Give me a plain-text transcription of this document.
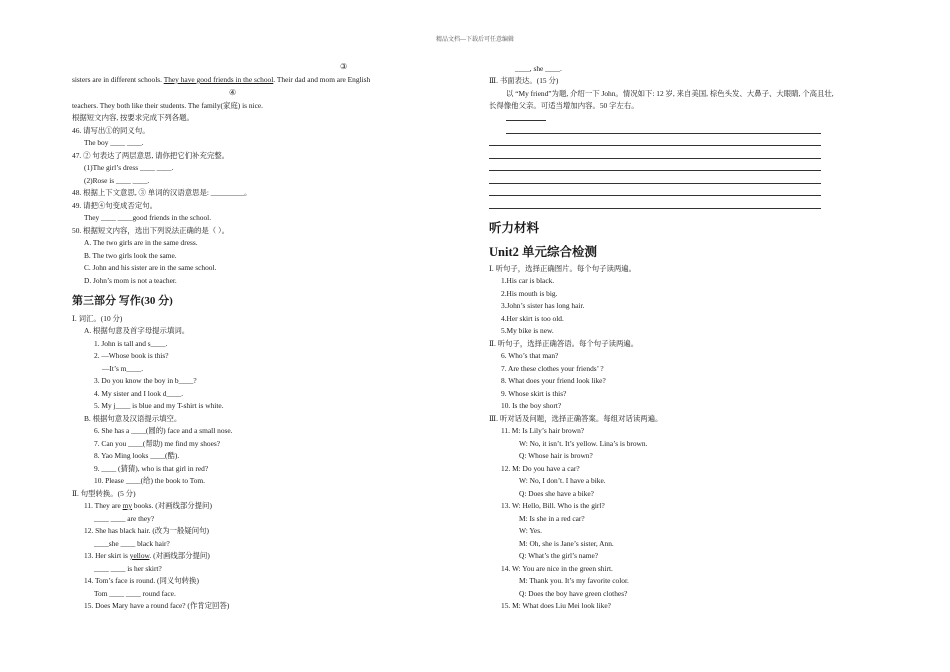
精品文档---下载后可任意编辑
③
sisters are in different schools. They have good friends in the school. Their dad and mom are English
④
teachers. They both like their students. The family(家庭) is nice.
根据短文内容, 按要求完成下列各题。
46. 请写出①的同义句。
The boy ____ ____.
47. ② 句表达了两层意思, 请你把它们补充完整。
(1)The girl’s dress ____ ____.
(2)Rose is ____ ____.
48. 根据上下文意思, ③ 单词的汉语意思是: _________。
49. 请把④句变成否定句。
They ____ ____good friends in the school.
50. 根据短文内容，选出下列说法正确的是（ ）。
A. The two girls are in the same dress.
B. The two girls look the same.
C. John and his sister are in the same school.
D. John’s mom is not a teacher.
第三部分 写作(30 分)
Ⅰ. 词汇。(10 分)
A. 根据句意及首字母提示填词。
1. John is tall and s____.
2. —Whose book is this?
—It’s m____.
3. Do you know the boy in b____?
4. My sister and I look d____.
5. My j____ is blue and my T-shirt is white.
B. 根据句意及汉语提示填空。
6. She has a ____(圆的) face and a small nose.
7. Can you ____(帮助) me find my shoes?
8. Yao Ming looks ____(酷).
9. ____ (猜猜), who is that girl in red?
10. Please ____(给) the book to Tom.
Ⅱ. 句型转换。(5 分)
11. They are my books. (对画线部分提问)
____ ____ are they?
12. She has black hair. (改为一般疑问句)
____she ____ black hair?
13. Her skirt is yellow. (对画线部分提问)
____ ____ is her skirt?
14. Tom’s face is round. (同义句转换)
Tom ____ ____ round face.
15. Does Mary have a round face? (作肯定回答)
____, she ____.
Ⅲ. 书面表达。(15 分)
以 “My friend”为题, 介绍一下 John。情况如下: 12 岁, 来自美国, 棕色头发、大鼻子、大眼睛, 个高且壮,
长得像他父亲。可适当增加内容。50 字左右。
听力材料
Unit2 单元综合检测
Ⅰ. 听句子，选择正确图片。每个句子读两遍。
1.His car is black.
2.His mouth is big.
3.John’s sister has long hair.
4.Her skirt is too old.
5.My bike is new.
Ⅱ. 听句子，选择正确答语。每个句子读两遍。
6. Who’s that man?
7. Are these clothes your friends’ ?
8. What does your friend look like?
9. Whose skirt is this?
10. Is the boy short?
Ⅲ. 听对话及问题，选择正确答案。每组对话读两遍。
11. M: Is Lily’s hair brown?
W: No, it isn’t. It’s yellow. Lina’s is brown.
Q: Whose hair is brown?
12. M: Do you have a car?
W: No, I don’t. I have a bike.
Q: Does she have a bike?
13. W: Hello, Bill. Who is the girl?
M: Is she in a red car?
W: Yes.
M: Oh, she is Jane’s sister, Ann.
Q: What’s the girl’s name?
14. W: You are nice in the green shirt.
M: Thank you. It’s my favorite color.
Q: Does the boy have green clothes?
15. M: What does Liu Mei look like?
